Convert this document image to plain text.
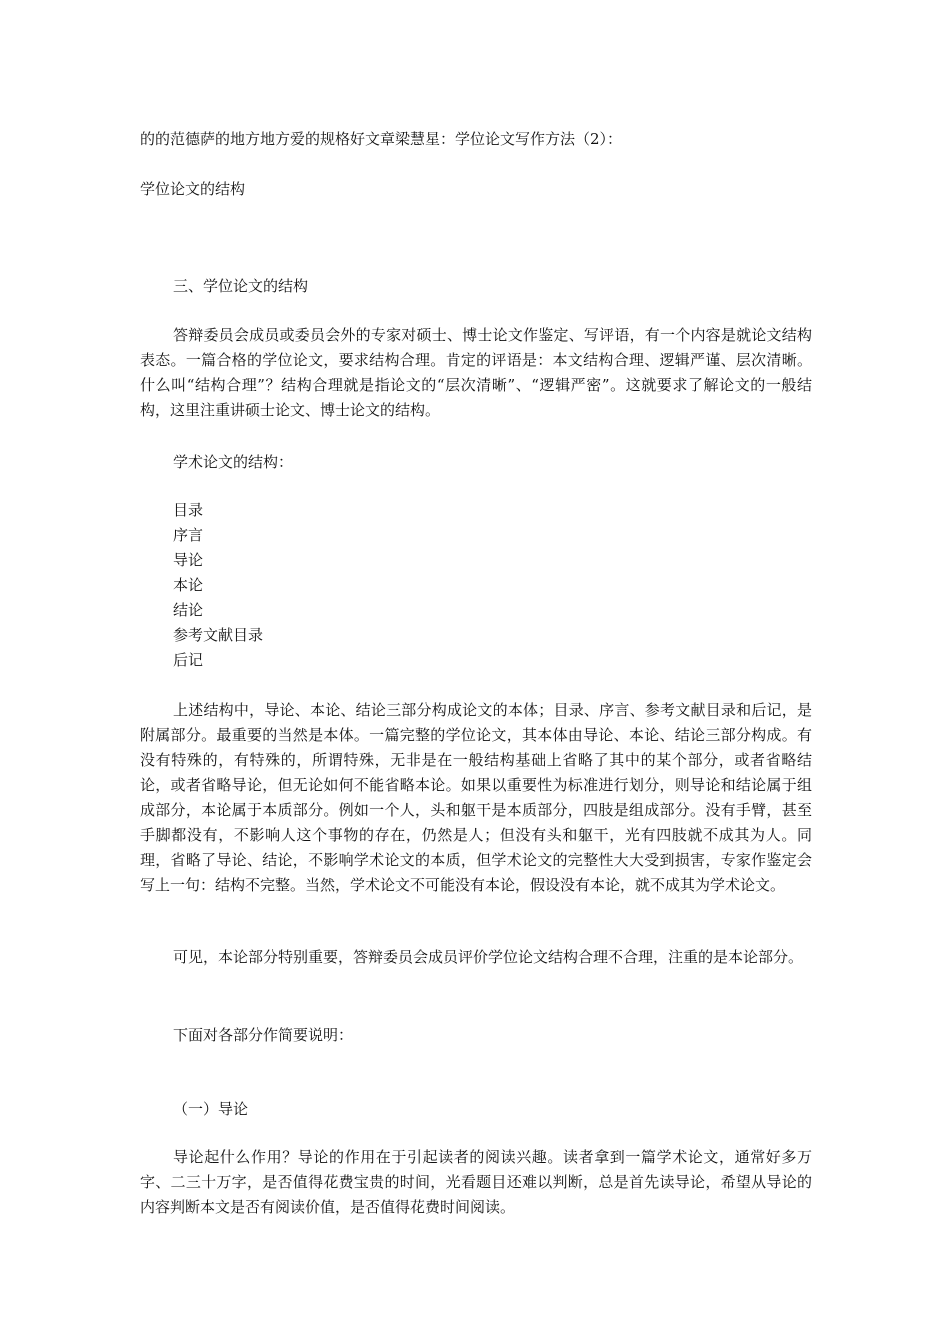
的的范德萨的地方地方爱的规格好文章梁慧星：学位论文写作方法（2）：
学位论文的结构
三、学位论文的结构
答辩委员会成员或委员会外的专家对硕士、博士论文作鉴定、写评语，有一个内容是就论文结构表态。一篇合格的学位论文，要求结构合理。肯定的评语是：本文结构合理、逻辑严谨、层次清晰。什么叫“结构合理”？结构合理就是指论文的“层次清晰”、“逻辑严密”。这就要求了解论文的一般结构，这里注重讲硕士论文、博士论文的结构。
学术论文的结构：
目录
序言
导论
本论
结论
参考文献目录
后记
上述结构中，导论、本论、结论三部分构成论文的本体；目录、序言、参考文献目录和后记，是附属部分。最重要的当然是本体。一篇完整的学位论文，其本体由导论、本论、结论三部分构成。有没有特殊的，有特殊的，所谓特殊，无非是在一般结构基础上省略了其中的某个部分，或者省略结论，或者省略导论，但无论如何不能省略本论。如果以重要性为标准进行划分，则导论和结论属于组成部分，本论属于本质部分。例如一个人，头和躯干是本质部分，四肢是组成部分。没有手臂，甚至手脚都没有，不影响人这个事物的存在，仍然是人；但没有头和躯干，光有四肢就不成其为人。同理，省略了导论、结论，不影响学术论文的本质，但学术论文的完整性大大受到损害，专家作鉴定会写上一句：结构不完整。当然，学术论文不可能没有本论，假设没有本论，就不成其为学术论文。
可见，本论部分特别重要，答辩委员会成员评价学位论文结构合理不合理，注重的是本论部分。
下面对各部分作简要说明：
（一）导论
导论起什么作用？导论的作用在于引起读者的阅读兴趣。读者拿到一篇学术论文，通常好多万字、二三十万字，是否值得花费宝贵的时间，光看题目还难以判断，总是首先读导论，希望从导论的内容判断本文是否有阅读价值，是否值得花费时间阅读。
